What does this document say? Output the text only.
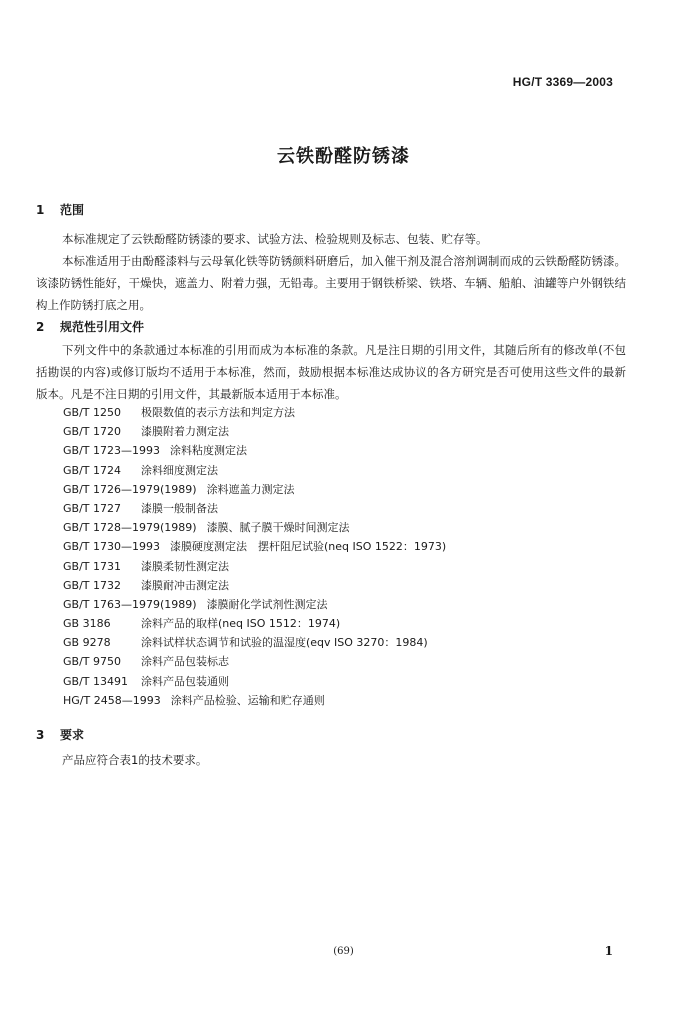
HG/T 3369—2003
云铁酚醛防锈漆
1 范围
本标准规定了云铁酚醛防锈漆的要求、试验方法、检验规则及标志、包装、贮存等。
本标准适用于由酚醛漆料与云母氧化铁等防锈颜料研磨后，加入催干剂及混合溶剂调制而成的云铁酚醛防锈漆。该漆防锈性能好，干燥快，遮盖力、附着力强，无铅毒。主要用于钢铁桥梁、铁塔、车辆、船舶、油罐等户外钢铁结构上作防锈打底之用。
2 规范性引用文件
下列文件中的条款通过本标准的引用而成为本标准的条款。凡是注日期的引用文件，其随后所有的修改单(不包括勘误的内容)或修订版均不适用于本标准，然而，鼓励根据本标准达成协议的各方研究是否可使用这些文件的最新版本。凡是不注日期的引用文件，其最新版本适用于本标准。
GB/T 1250 极限数值的表示方法和判定方法
GB/T 1720 漆膜附着力测定法
GB/T 1723—1993 涂料粘度测定法
GB/T 1724 涂料细度测定法
GB/T 1726—1979(1989) 涂料遮盖力测定法
GB/T 1727 漆膜一般制备法
GB/T 1728—1979(1989) 漆膜、腻子膜干燥时间测定法
GB/T 1730—1993 漆膜硬度测定法　摆杆阻尼试验(neq ISO 1522：1973)
GB/T 1731 漆膜柔韧性测定法
GB/T 1732 漆膜耐冲击测定法
GB/T 1763—1979(1989) 漆膜耐化学试剂性测定法
GB 3186	涂料产品的取样(neq ISO 1512：1974)
GB 9278	涂料试样状态调节和试验的温湿度(eqv ISO 3270：1984)
GB/T 9750 涂料产品包装标志
GB/T 13491 涂料产品包装通则
HG/T 2458—1993 涂料产品检验、运输和贮存通则
3 要求
产品应符合表1的技术要求。
(69)	1
